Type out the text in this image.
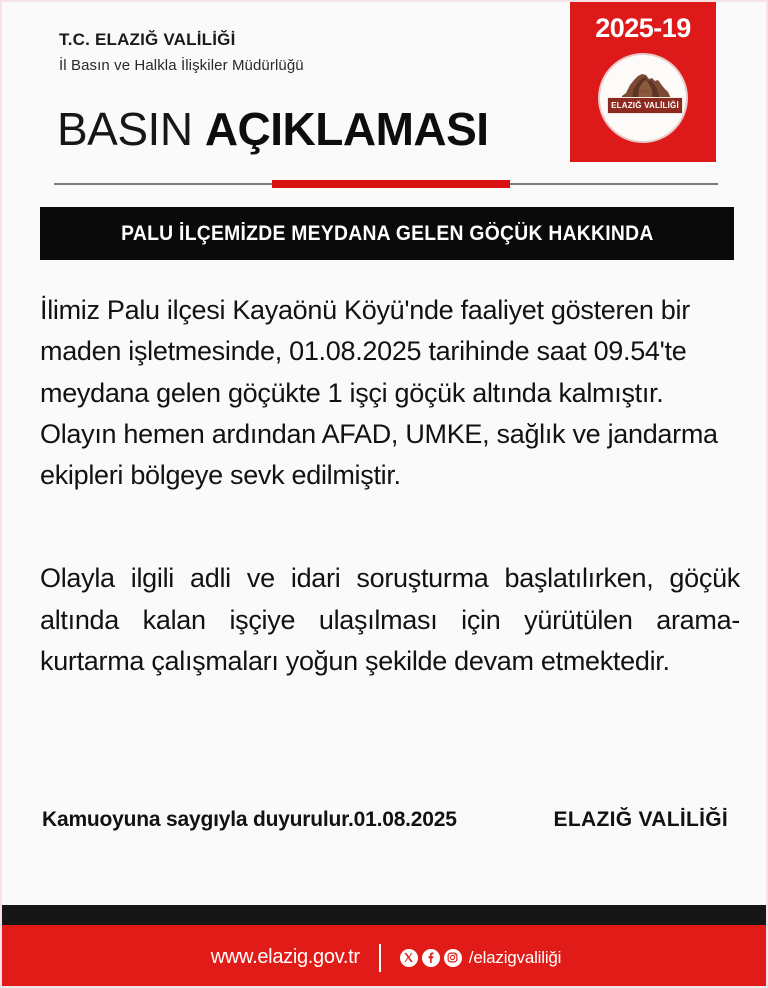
T.C. ELAZIĞ VALİLİĞİ
İl Basın ve Halkla İlişkiler Müdürlüğü
BASIN AÇIKLAMASI
2025-19
T.C.
ELAZIĞ VALİLİĞİ
PALU İLÇEMİZDE MEYDANA GELEN GÖÇÜK HAKKINDA

İlimiz Palu ilçesi Kayaönü Köyü'nde faaliyet gösteren bir maden işletmesinde, 01.08.2025 tarihinde saat 09.54'te meydana gelen göçükte 1 işçi göçük altında kalmıştır. Olayın hemen ardından AFAD, UMKE, sağlık ve jandarma ekipleri bölgeye sevk edilmiştir.

Olayla ilgili adli ve idari soruşturma başlatılırken, göçük altında kalan işçiye ulaşılması için yürütülen arama-kurtarma çalışmaları yoğun şekilde devam etmektedir.

Kamuoyuna saygıyla duyurulur.01.08.2025	ELAZIĞ VALİLİĞİ
www.elazig.gov.tr	/elazigvaliliği
